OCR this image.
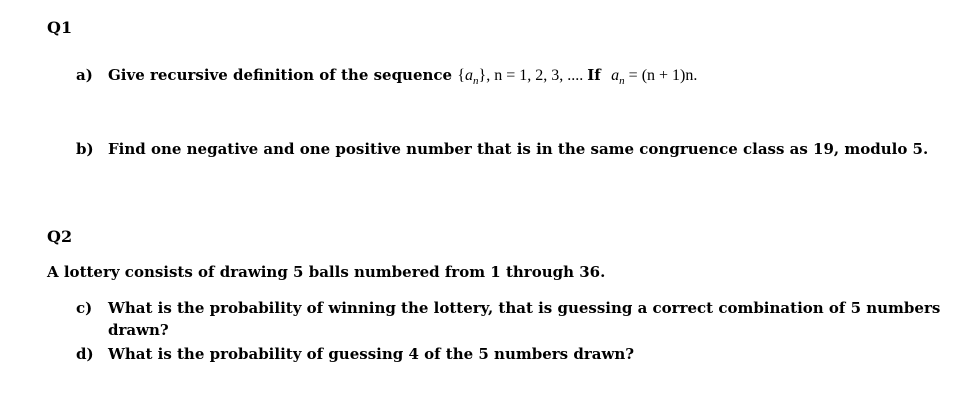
Q1
a) Give recursive definition of the sequence $\{a_n\}$, n = 1, 2, 3, .... If $a_n = (n + 1)n$.
b) Find one negative and one positive number that is in the same congruence class as 19, modulo 5.
Q2
A lottery consists of drawing 5 balls numbered from 1 through 36.
c) What is the probability of winning the lottery, that is guessing a correct combination of 5 numbers
drawn?
d) What is the probability of guessing 4 of the 5 numbers drawn?
